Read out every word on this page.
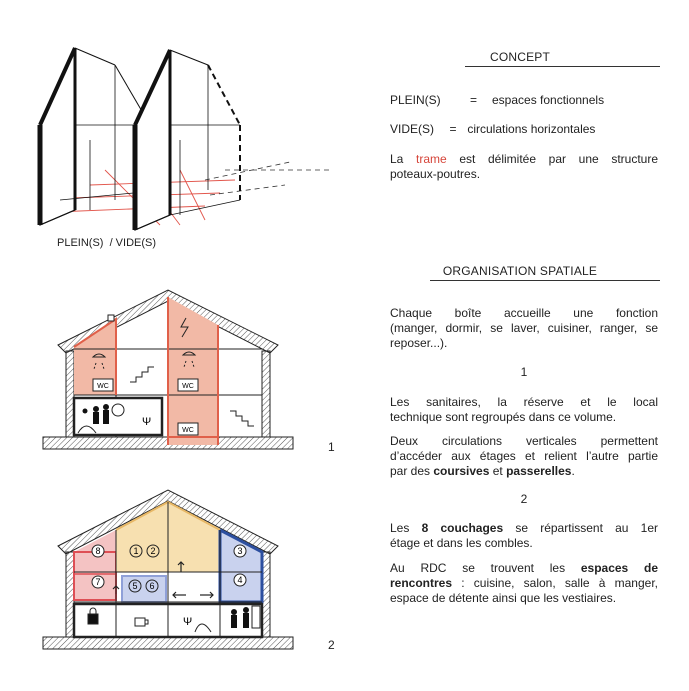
PLEIN(S)  / VIDE(S)
CONCEPT
PLEIN(S) = espaces fonctionnels
VIDE(S) = circulations horizontales
La trame est délimitée par une structure
poteaux-poutres.
ORGANISATION SPATIALE
Chaque boîte accueille une fonction
(manger, dormir, se laver, cuisiner, ranger, se
reposer...).
1
Les sanitaires, la réserve et le local
technique sont regroupés dans ce volume.
Deux circulations verticales permettent
d’accéder aux étages et relient l’autre partie
par des coursives et passerelles.
2
Les 8 couchages se répartissent au 1er
étage et dans les combles.
Au RDC se trouvent les espaces de
rencontres : cuisine, salon, salle à manger,
espace de détente ainsi que les vestiaires.
1
2
WC	WC
WC
Ψ
8	1 2	3
4
5 6
7
Ψ
